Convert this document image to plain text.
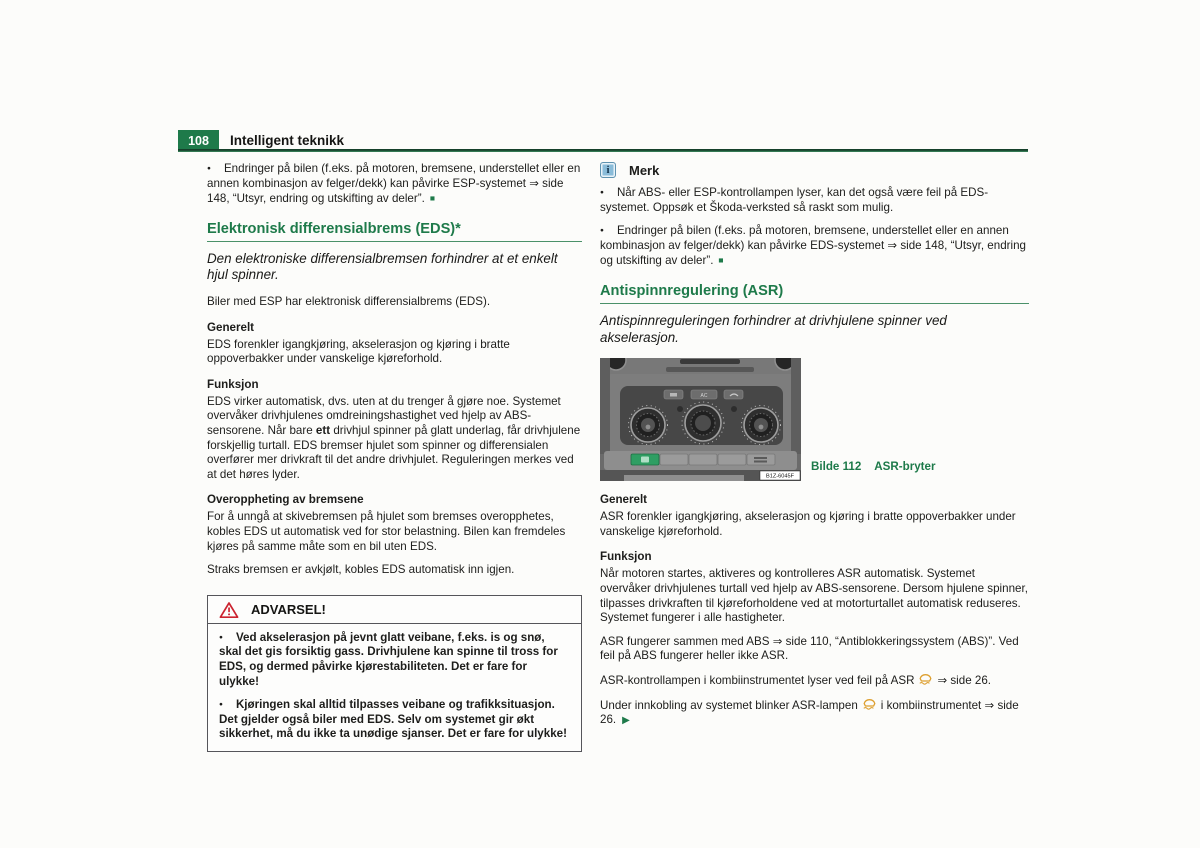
108 Intelligent teknikk

● Endringer på bilen (f.eks. på motoren, bremsene, understellet eller en annen kombinasjon av felger/dekk) kan påvirke ESP-systemet ⇒ side 148, “Utsyr, endring og utskifting av deler”. ■

Elektronisk differensialbrems (EDS)*

Den elektroniske differensialbremsen forhindrer at et enkelt hjul spinner.

Biler med ESP har elektronisk differensialbrems (EDS).

Generelt

EDS forenkler igangkjøring, akselerasjon og kjøring i bratte oppoverbakker under vanskelige kjøreforhold.

Funksjon

EDS virker automatisk, dvs. uten at du trenger å gjøre noe. Systemet overvåker drivhjulenes omdreiningshastighet ved hjelp av ABS-sensorene. Når bare ett drivhjul spinner på glatt underlag, får drivhjulene forskjellig turtall. EDS bremser hjulet som spinner og differensialen overfører mer drivkraft til det andre drivhjulet. Reguleringen merkes ved at det høres lyder.

Overoppheting av bremsene

For å unngå at skivebremsen på hjulet som bremses overopphetes, kobles EDS ut automatisk ved for stor belastning. Bilen kan fremdeles kjøres på samme måte som en bil uten EDS.

Straks bremsen er avkjølt, kobles EDS automatisk inn igjen.

ADVARSEL!

● Ved akselerasjon på jevnt glatt veibane, f.eks. is og snø, skal det gis forsiktig gass. Drivhjulene kan spinne til tross for EDS, og dermed påvirke kjørestabiliteten. Det er fare for ulykke!

● Kjøringen skal alltid tilpasses veibane og trafikksituasjon. Det gjelder også biler med EDS. Selv om systemet gir økt sikkerhet, må du ikke ta unødige sjanser. Det er fare for ulykke!

i	Merk

● Når ABS- eller ESP-kontrollampen lyser, kan det også være feil på EDS-systemet. Oppsøk et Škoda-verksted så raskt som mulig.

● Endringer på bilen (f.eks. på motoren, bremsene, understellet eller en annen kombinasjon av felger/dekk) kan påvirke EDS-systemet ⇒ side 148, “Utsyr, endring og utskifting av deler”. ■

Antispinnregulering (ASR)

Antispinnreguleringen forhindrer at drivhjulene spinner ved akselerasjon.

AC
B1Z-6045F
Bilde 112 ASR-bryter
Generelt

ASR forenkler igangkjøring, akselerasjon og kjøring i bratte oppoverbakker under vanskelige kjøreforhold.

Funksjon

Når motoren startes, aktiveres og kontrolleres ASR automatisk. Systemet overvåker drivhjulenes turtall ved hjelp av ABS-sensorene. Dersom hjulene spinner, tilpasses drivkraften til kjøreforholdene ved at motorturtallet automatisk reduseres. Systemet fungerer i alle hastigheter.

ASR fungerer sammen med ABS ⇒ side 110, “Antiblokkeringssystem (ABS)”. Ved feil på ABS fungerer heller ikke ASR.

ASR-kontrollampen i kombiinstrumentet lyser ved feil på ASR ⇒ side 26.

Under innkobling av systemet blinker ASR-lampen i kombiinstrumentet ⇒ side 26. ▶
